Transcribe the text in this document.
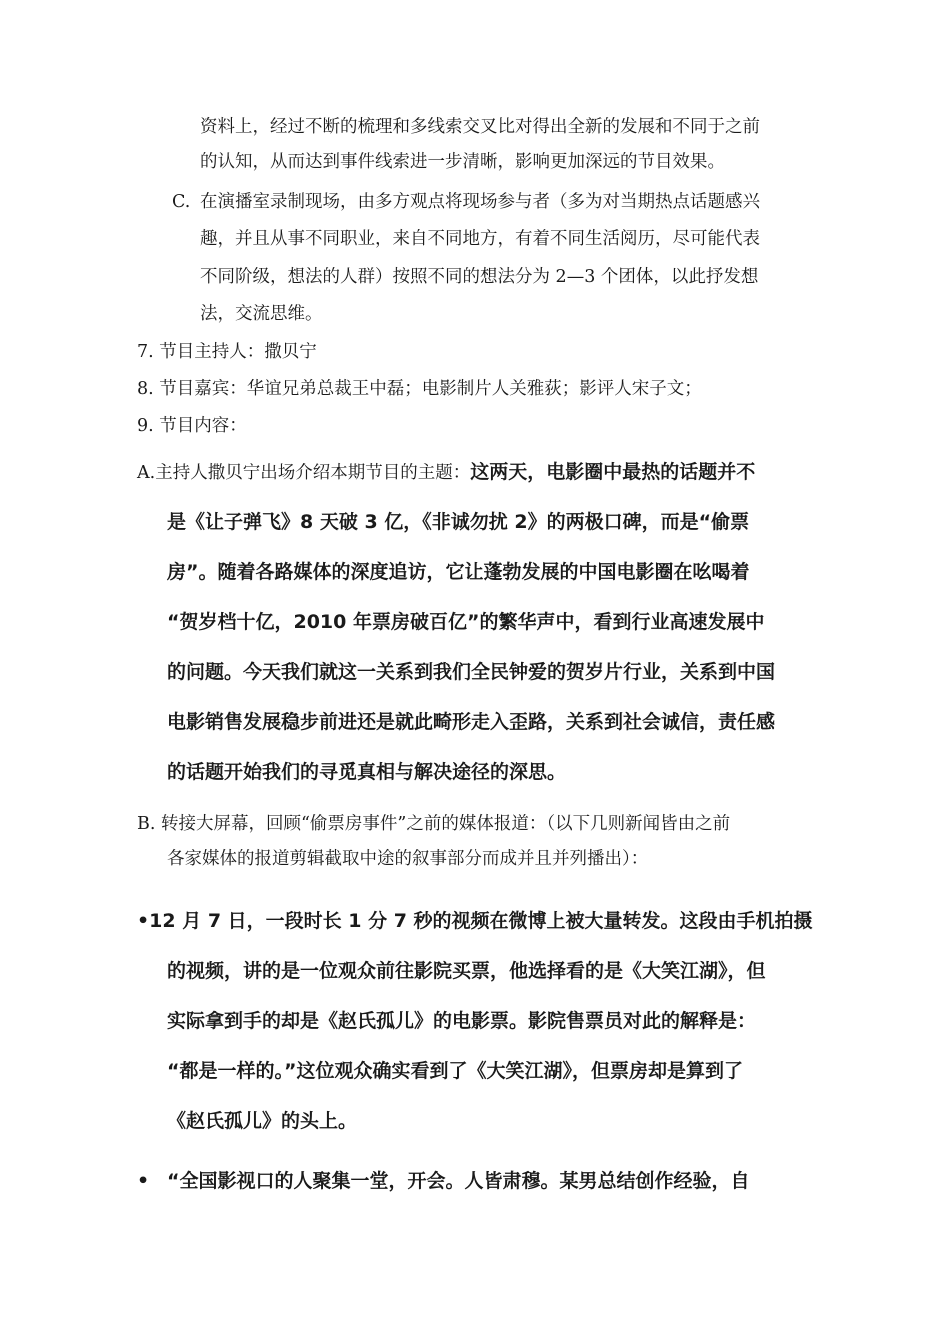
资料上，经过不断的梳理和多线索交叉比对得出全新的发展和不同于之前
的认知，从而达到事件线索进一步清晰，影响更加深远的节目效果。
C. 在演播室录制现场，由多方观点将现场参与者（多为对当期热点话题感兴
趣，并且从事不同职业，来自不同地方，有着不同生活阅历，尽可能代表
不同阶级，想法的人群）按照不同的想法分为 2—3 个团体，以此抒发想
法，交流思维。
7. 节目主持人：撒贝宁
8. 节目嘉宾：华谊兄弟总裁王中磊；电影制片人关雅荻；影评人宋子文；
9. 节目内容：
A.主持人撒贝宁出场介绍本期节目的主题：这两天，电影圈中最热的话题并不
是《让子弹飞》8 天破 3 亿，《非诚勿扰 2》的两极口碑，而是“偷票
房”。随着各路媒体的深度追访，它让蓬勃发展的中国电影圈在吆喝着
“贺岁档十亿，2010 年票房破百亿”的繁华声中，看到行业高速发展中
的问题。今天我们就这一关系到我们全民钟爱的贺岁片行业，关系到中国
电影销售发展稳步前进还是就此畸形走入歪路，关系到社会诚信，责任感
的话题开始我们的寻觅真相与解决途径的深思。
B. 转接大屏幕，回顾“偷票房事件”之前的媒体报道：（以下几则新闻皆由之前
各家媒体的报道剪辑截取中途的叙事部分而成并且并列播出）：
•12 月 7 日，一段时长 1 分 7 秒的视频在微博上被大量转发。这段由手机拍摄
的视频，讲的是一位观众前往影院买票，他选择看的是《大笑江湖》，但
实际拿到手的却是《赵氏孤儿》的电影票。影院售票员对此的解释是：
“都是一样的。”这位观众确实看到了《大笑江湖》，但票房却是算到了
《赵氏孤儿》的头上。
• “全国影视口的人聚集一堂，开会。人皆肃穆。某男总结创作经验，自
